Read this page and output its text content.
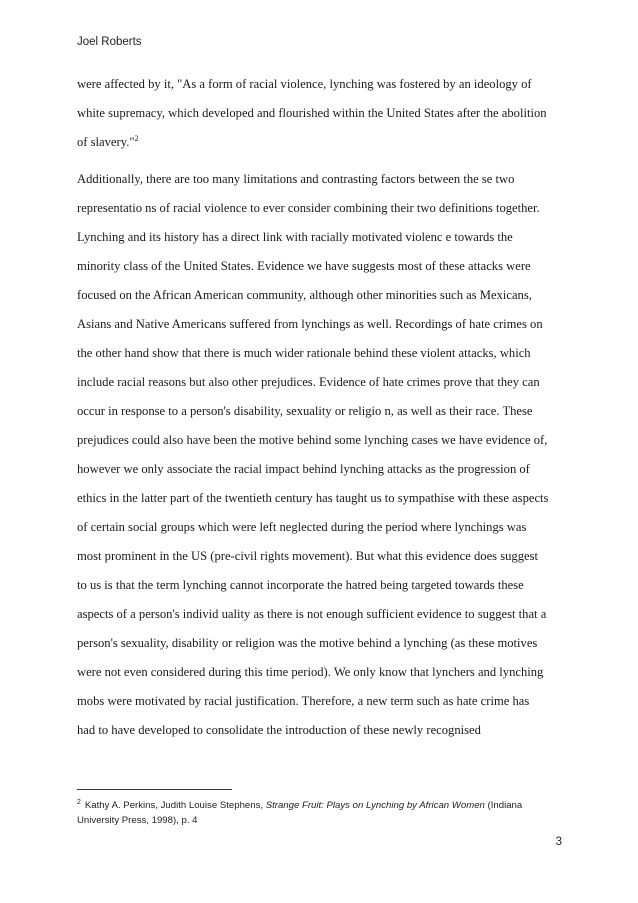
Joel Roberts
were affected by it, "As a form of racial violence, lynching was fostered by an ideology of
white supremacy, which developed and flourished within the United States after the abolition
of slavery."$^2$
Additionally, there are too many limitations and contrasting factors between the se two
representatio ns of racial violence to ever consider combining their two definitions together.
Lynching and its history has a direct link with racially motivated violenc e towards the
minority class of the United States. Evidence we have suggests most of these attacks were
focused on the African American community, although other minorities such as Mexicans,
Asians and Native Americans suffered from lynchings as well. Recordings of hate crimes on
the other hand show that there is much wider rationale behind these violent attacks, which
include racial reasons but also other prejudices. Evidence of hate crimes prove that they can
occur in response to a person's disability, sexuality or religio n, as well as their race. These
prejudices could also have been the motive behind some lynching cases we have evidence of,
however we only associate the racial impact behind lynching attacks as the progression of
ethics in the latter part of the twentieth century has taught us to sympathise with these aspects
of certain social groups which were left neglected during the period where lynchings was
most prominent in the US (pre-civil rights movement). But what this evidence does suggest
to us is that the term lynching cannot incorporate the hatred being targeted towards these
aspects of a person's individ uality as there is not enough sufficient evidence to suggest that a
person's sexuality, disability or religion was the motive behind a lynching (as these motives
were not even considered during this time period). We only know that lynchers and lynching
mobs were motivated by racial justification. Therefore, a new term such as hate crime has
had to have developed to consolidate the introduction of these newly recognised
$^2$ Kathy A. Perkins, Judith Louise Stephens, Strange Fruit: Plays on Lynching by African Women (Indiana
University Press, 1998), p. 4
3
